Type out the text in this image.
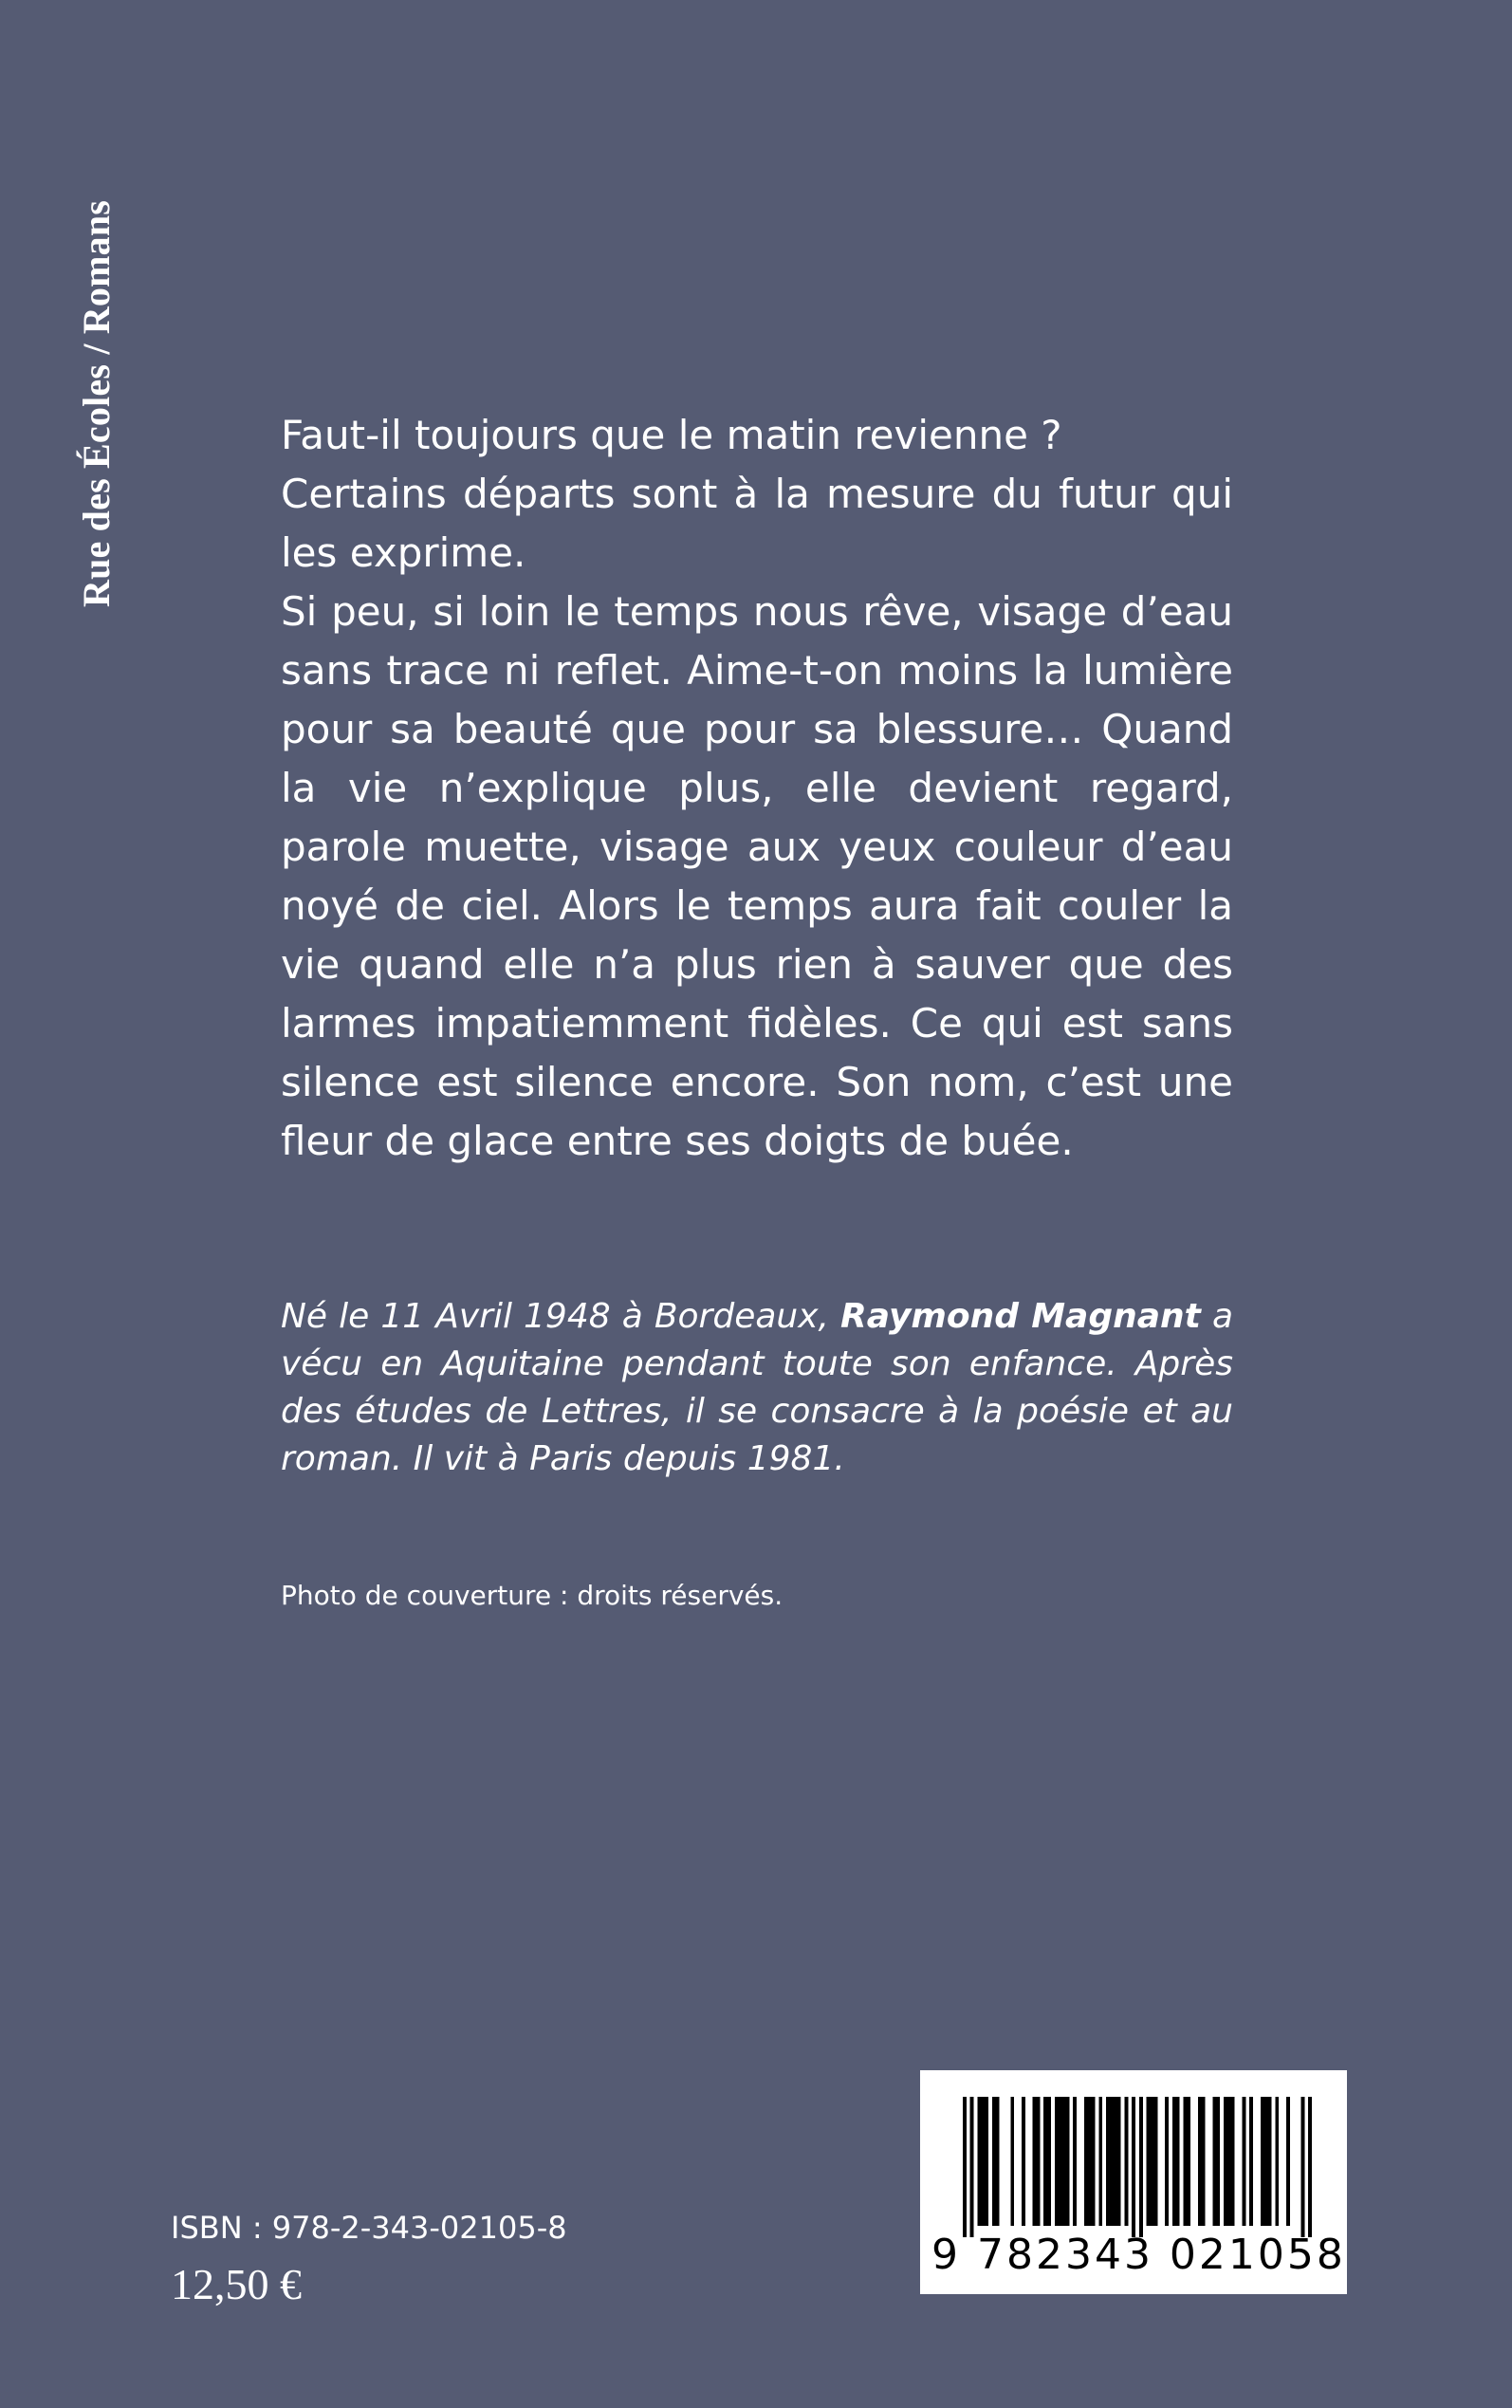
Rue des Écoles / Romans	Faut-il toujours que le matin revienne ?

Certains départs sont à la mesure du futur qui les exprime.

Si peu, si loin le temps nous rêve, visage d’eau sans trace ni reflet. Aime-t-on moins la lumière pour sa beauté que pour sa blessure… Quand la vie n’explique plus, elle devient regard, parole muette, visage aux yeux couleur d’eau noyé de ciel. Alors le temps aura fait couler la vie quand elle n’a plus rien à sauver que des larmes impatiemment fidèles. Ce qui est sans silence est silence encore. Son nom, c’est une fleur de glace entre ses doigts de buée.

Né le 11 Avril 1948 à Bordeaux, Raymond Magnant a vécu en Aquitaine pendant toute son enfance. Après des études de Lettres, il se consacre à la poésie et au roman. Il vit à Paris depuis 1981.
Photo de couverture : droits réservés.
ISBN : 978-2-343-02105-8
12,50 €
9 782343 021058
